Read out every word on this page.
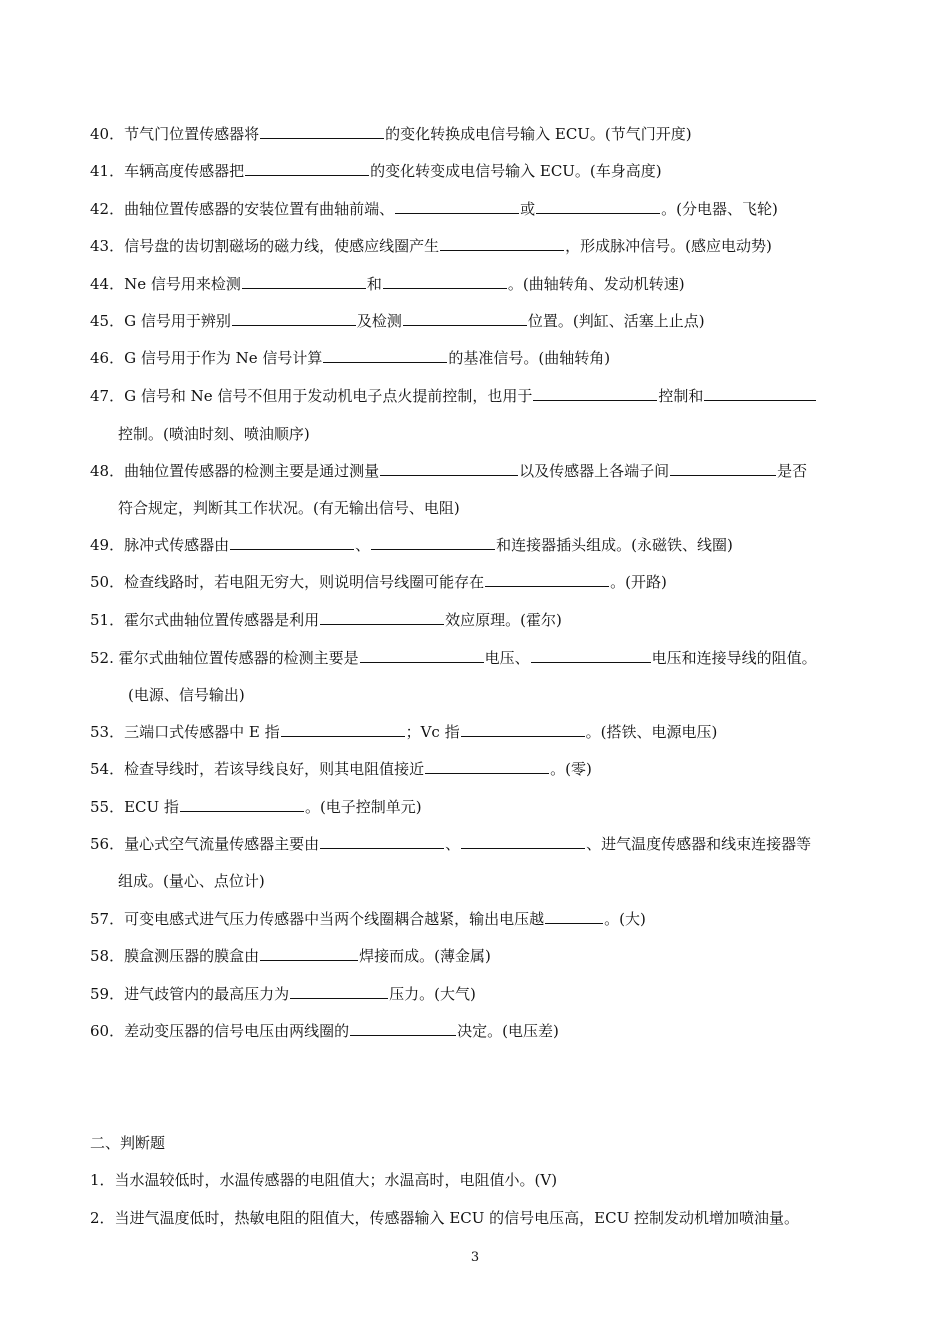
40．节气门位置传感器将	的变化转换成电信号输入 ECU。(节气门开度)
41．车辆高度传感器把	的变化转变成电信号输入 ECU。(车身高度)
42．曲轴位置传感器的安装位置有曲轴前端、	或	。(分电器、飞轮)
43．信号盘的齿切割磁场的磁力线，使感应线圈产生	，形成脉冲信号。(感应电动势)
44．Ne 信号用来检测	和	。(曲轴转角、发动机转速)
45．G 信号用于辨别	及检测	位置。(判缸、活塞上止点)
46．G 信号用于作为 Ne 信号计算	的基准信号。(曲轴转角)
47．G 信号和 Ne 信号不但用于发动机电子点火提前控制，也用于	控制和
控制。(喷油时刻、喷油顺序)
48．曲轴位置传感器的检测主要是通过测量	以及传感器上各端子间	是否
符合规定，判断其工作状况。(有无输出信号、电阻)
49．脉冲式传感器由	、	和连接器插头组成。(永磁铁、线圈)
50．检查线路时，若电阻无穷大，则说明信号线圈可能存在	。(开路)
51．霍尔式曲轴位置传感器是利用	效应原理。(霍尔)
52. 霍尔式曲轴位置传感器的检测主要是	电压、	电压和连接导线的阻值。
(电源、信号输出)
53．三端口式传感器中 E 指	；Vc 指	。(搭铁、电源电压)
54．检查导线时，若该导线良好，则其电阻值接近	。(零)
55．ECU 指	。(电子控制单元)
56．量心式空气流量传感器主要由	、	、进气温度传感器和线束连接器等
组成。(量心、点位计)
57．可变电感式进气压力传感器中当两个线圈耦合越紧，输出电压越	。(大)
58．膜盒测压器的膜盒由	焊接而成。(薄金属)
59．进气歧管内的最高压力为	压力。(大气)
60．差动变压器的信号电压由两线圈的	决定。(电压差)
二、判断题
1．当水温较低时，水温传感器的电阻值大；水温高时，电阻值小。(V)
2．当进气温度低时，热敏电阻的阻值大，传感器输入 ECU 的信号电压高，ECU 控制发动机增加喷油量。
3
